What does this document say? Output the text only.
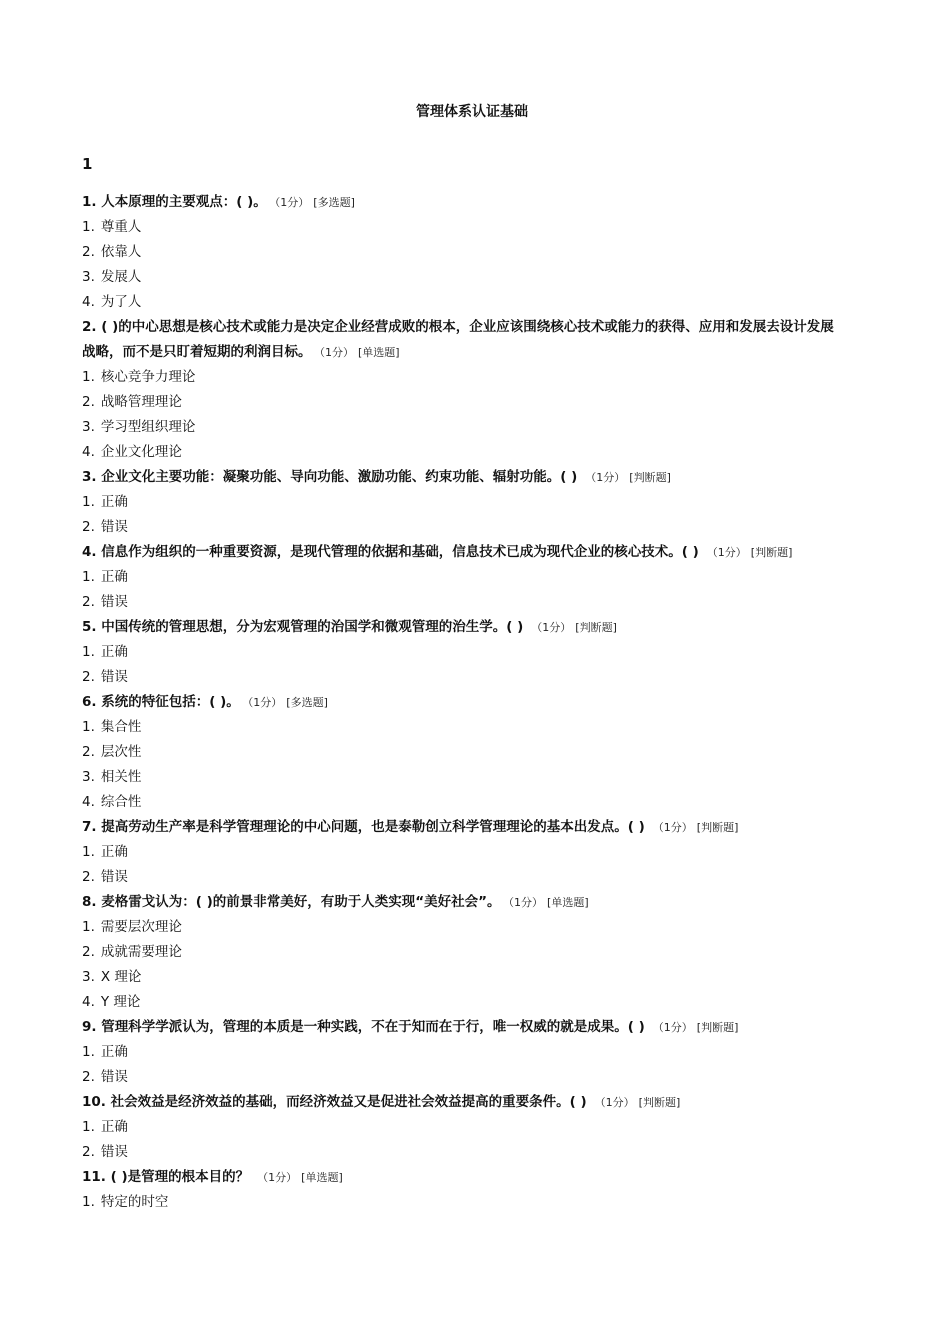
管理体系认证基础
1
1. 人本原理的主要观点：( )。 （1分） [多选题]
1. 尊重人
2. 依靠人
3. 发展人
4. 为了人
2. ( )的中心思想是核心技术或能力是决定企业经营成败的根本，企业应该围绕核心技术或能力的获得、应用和发展去设计发展战略，而不是只盯着短期的利润目标。 （1分） [单选题]
1. 核心竞争力理论
2. 战略管理理论
3. 学习型组织理论
4. 企业文化理论
3. 企业文化主要功能：凝聚功能、导向功能、激励功能、约束功能、辐射功能。( ) （1分） [判断题]
1. 正确
2. 错误
4. 信息作为组织的一种重要资源，是现代管理的依据和基础，信息技术已成为现代企业的核心技术。( ) （1分） [判断题]
1. 正确
2. 错误
5. 中国传统的管理思想，分为宏观管理的治国学和微观管理的治生学。( ) （1分） [判断题]
1. 正确
2. 错误
6. 系统的特征包括：( )。 （1分） [多选题]
1. 集合性
2. 层次性
3. 相关性
4. 综合性
7. 提高劳动生产率是科学管理理论的中心问题，也是泰勒创立科学管理理论的基本出发点。( ) （1分） [判断题]
1. 正确
2. 错误
8. 麦格雷戈认为：( )的前景非常美好，有助于人类实现“美好社会”。 （1分） [单选题]
1. 需要层次理论
2. 成就需要理论
3. X 理论
4. Y 理论
9. 管理科学学派认为，管理的本质是一种实践，不在于知而在于行，唯一权威的就是成果。( ) （1分） [判断题]
1. 正确
2. 错误
10. 社会效益是经济效益的基础，而经济效益又是促进社会效益提高的重要条件。( ) （1分） [判断题]
1. 正确
2. 错误
11. ( )是管理的根本目的？ （1分） [单选题]
1. 特定的时空
